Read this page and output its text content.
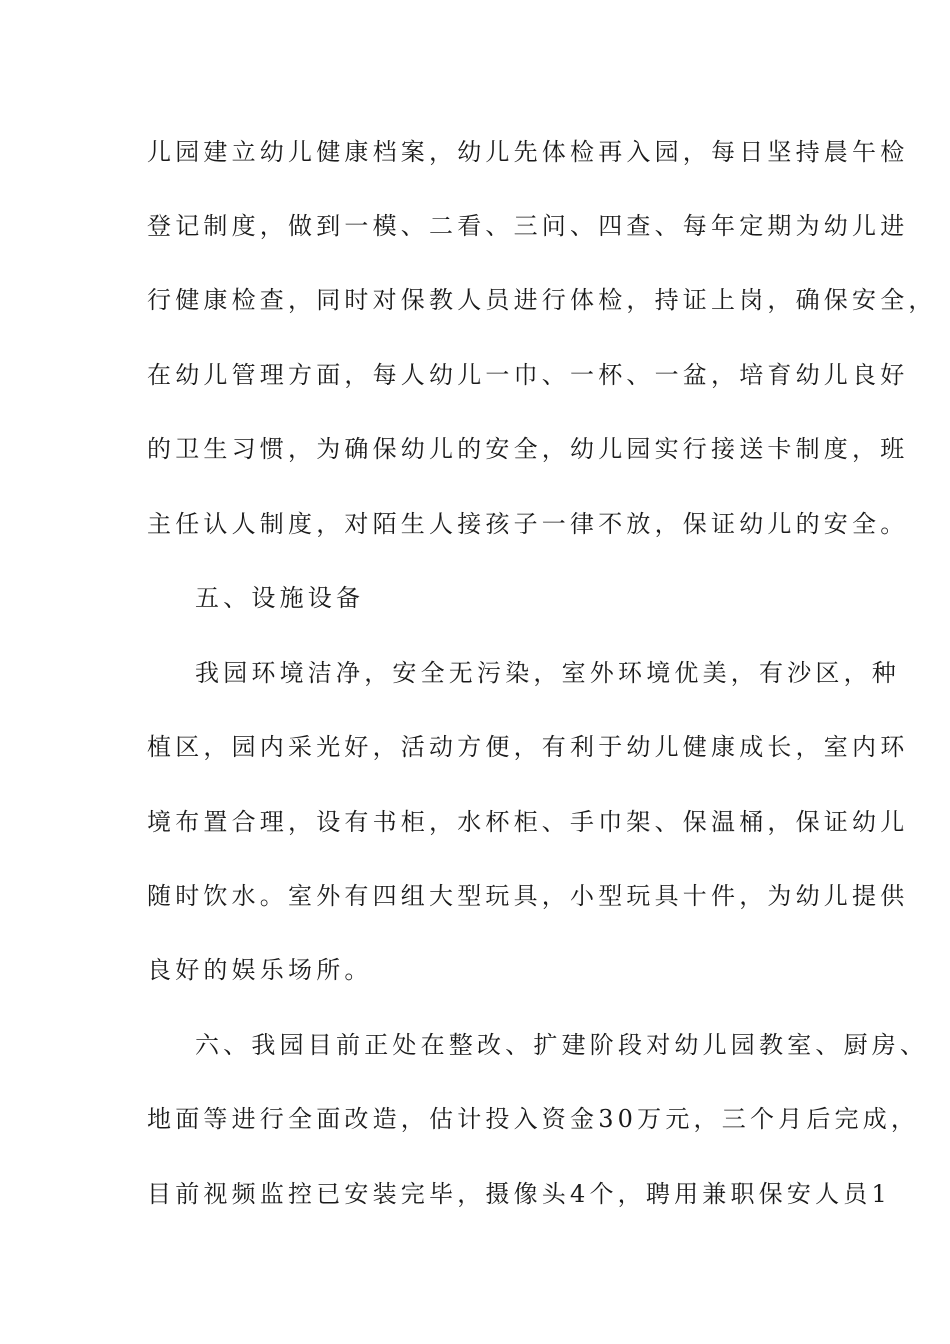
儿园建立幼儿健康档案，幼儿先体检再入园，每日坚持晨午检
登记制度，做到一模、二看、三问、四查、每年定期为幼儿进
行健康检查，同时对保教人员进行体检，持证上岗，确保安全，
在幼儿管理方面，每人幼儿一巾、一杯、一盆，培育幼儿良好
的卫生习惯，为确保幼儿的安全，幼儿园实行接送卡制度，班
主任认人制度，对陌生人接孩子一律不放，保证幼儿的安全。
五、设施设备
我园环境洁净，安全无污染，室外环境优美，有沙区，种
植区，园内采光好，活动方便，有利于幼儿健康成长，室内环
境布置合理，设有书柜，水杯柜、手巾架、保温桶，保证幼儿
随时饮水。室外有四组大型玩具，小型玩具十件，为幼儿提供
良好的娱乐场所。
六、我园目前正处在整改、扩建阶段对幼儿园教室、厨房、
地面等进行全面改造，估计投入资金30万元，三个月后完成，
目前视频监控已安装完毕，摄像头4个，聘用兼职保安人员1
